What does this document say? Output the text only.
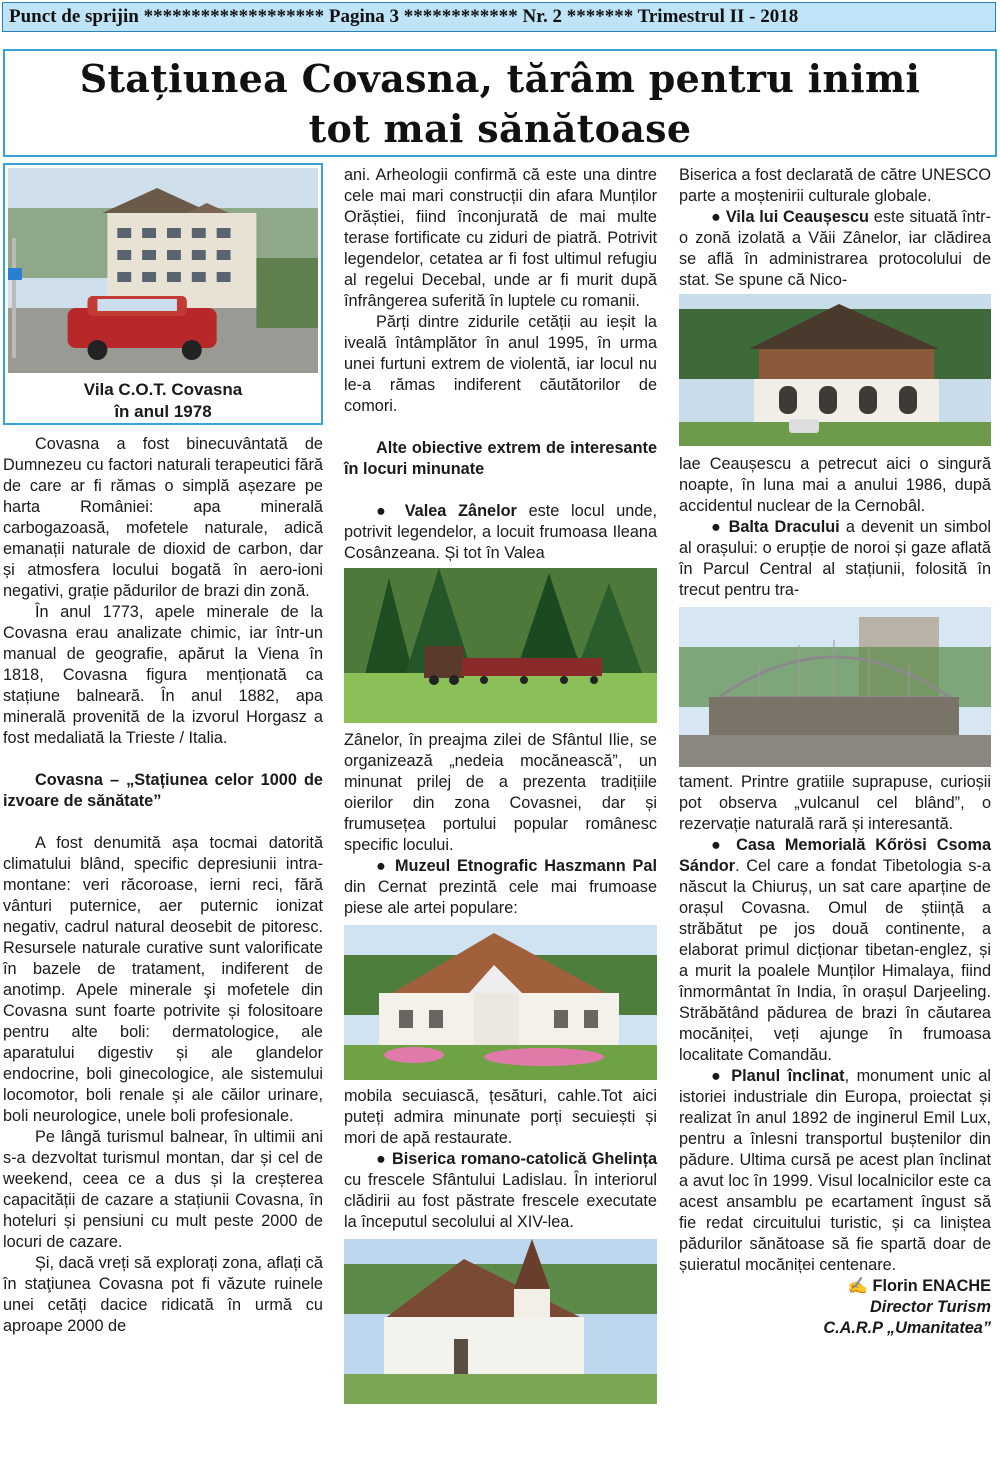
Punct de sprijin ******************* Pagina 3 ************ Nr. 2 ******* Trimestrul II - 2018
Stațiunea Covasna, tărâm pentru inimi
tot mai sănătoase
Vila C.O.T. Covasna
în anul 1978

Covasna a fost binecuvântată de Dumnezeu cu factori naturali terapeutici fără de care ar fi rămas o simplă așezare pe harta României: apa minerală carbogazoasă, mofetele naturale, adică emanații naturale de dioxid de carbon, dar și atmosfera locului bogată în aero-ioni negativi, grație pădurilor de brazi din zonă.

În anul 1773, apele minerale de la Covasna erau analizate chimic, iar într-un manual de geografie, apărut la Viena în 1818, Covasna figura menționată ca stațiune balneară. În anul 1882, apa minerală provenită de la izvorul Horgasz a fost medaliată la Trieste / Italia.

Covasna – „Stațiunea celor 1000 de izvoare de sănătate”

A fost denumită așa tocmai datorită climatului blând, specific depresiunii intra-montane: veri răcoroase, ierni reci, fără vânturi puternice, aer puternic ionizat negativ, cadrul natural deosebit de pitoresc. Resursele naturale curative sunt valorificate în bazele de tratament, indiferent de anotimp. Apele minerale şi mofetele din Covasna sunt foarte potrivite și folositoare pentru alte boli: dermatologice, ale aparatului digestiv și ale glandelor endocrine, boli ginecologice, ale sistemului locomotor, boli renale și ale căilor urinare, boli neurologice, unele boli profesionale.

Pe lângă turismul balnear, în ultimii ani s-a dezvoltat turismul montan, dar și cel de weekend, ceea ce a dus și la creșterea capacității de cazare a stațiunii Covasna, în hoteluri și pensiuni cu mult peste 2000 de locuri de cazare.

Și, dacă vreți să explorați zona, aflați că în staţiunea Covasna pot fi văzute ruinele unei cetăți dacice ridicată în urmă cu aproape 2000 de

ani. Arheologii confirmă că este una dintre cele mai mari construcții din afara Munților Orăștiei, fiind înconjurată de mai multe terase fortificate cu ziduri de piatră. Potrivit legendelor, cetatea ar fi fost ultimul refugiu al regelui Decebal, unde ar fi murit după înfrângerea suferită în luptele cu romanii.

Părți dintre zidurile cetății au ieșit la iveală întâmplător în anul 1995, în urma unei furtuni extrem de violentă, iar locul nu le-a rămas indiferent căutătorilor de comori.

Alte obiective extrem de interesante în locuri minunate

● Valea Zânelor este locul unde, potrivit legendelor, a locuit frumoasa Ileana Cosânzeana. Și tot în Valea

Zânelor, în preajma zilei de Sfântul Ilie, se organizează „nedeia mocănească”, un minunat prilej de a prezenta tradițiile oierilor din zona Covasnei, dar și frumusețea portului popular românesc specific locului.

● Muzeul Etnografic Haszmann Pal din Cernat prezintă cele mai frumoase piese ale artei populare:

mobila secuiască, țesături, cahle.Tot aici puteți admira minunate porți secuiești și mori de apă restaurate.

● Biserica romano-catolică Ghelința cu frescele Sfântului Ladislau. În interiorul clădirii au fost păstrate frescele executate la începutul secolului al XIV-lea.

Biserica a fost declarată de către UNESCO parte a moștenirii culturale globale.

● Vila lui Ceaușescu este situată într-o zonă izolată a Văii Zânelor, iar clădirea se află în administrarea protocolului de stat. Se spune că Nico-

lae Ceaușescu a petrecut aici o singură noapte, în luna mai a anului 1986, după accidentul nuclear de la Cernobâl.

● Balta Dracului a devenit un simbol al orașului: o erupție de noroi și gaze aflată în Parcul Central al stațiunii, folosită în trecut pentru tra-

tament. Printre gratiile suprapuse, curioșii pot observa „vulcanul cel blând”, o rezervație naturală rară și interesantă.

● Casa Memorială Kőrösi Csoma Sándor. Cel care a fondat Tibetologia s-a născut la Chiuruș, un sat care aparține de orașul Covasna. Omul de știință a străbătut pe jos două continente, a elaborat primul dicționar tibetan-englez, și a murit la poalele Munților Himalaya, fiind înmormântat în India, în orașul Darjeeling. Străbătând pădurea de brazi în căutarea mocăniței, veți ajunge în frumoasa localitate Comandău.

● Planul înclinat, monument unic al istoriei industriale din Europa, proiectat și realizat în anul 1892 de inginerul Emil Lux, pentru a înlesni transportul buștenilor din pădure. Ultima cursă pe acest plan înclinat a avut loc în 1999. Visul localnicilor este ca acest ansamblu pe ecartament îngust să fie redat circuitului turistic, și ca liniștea pădurilor sănătoase să fie spartă doar de șuieratul mocăniței centenare.

✍ Florin ENACHE
Director Turism
C.A.R.P „Umanitatea”
